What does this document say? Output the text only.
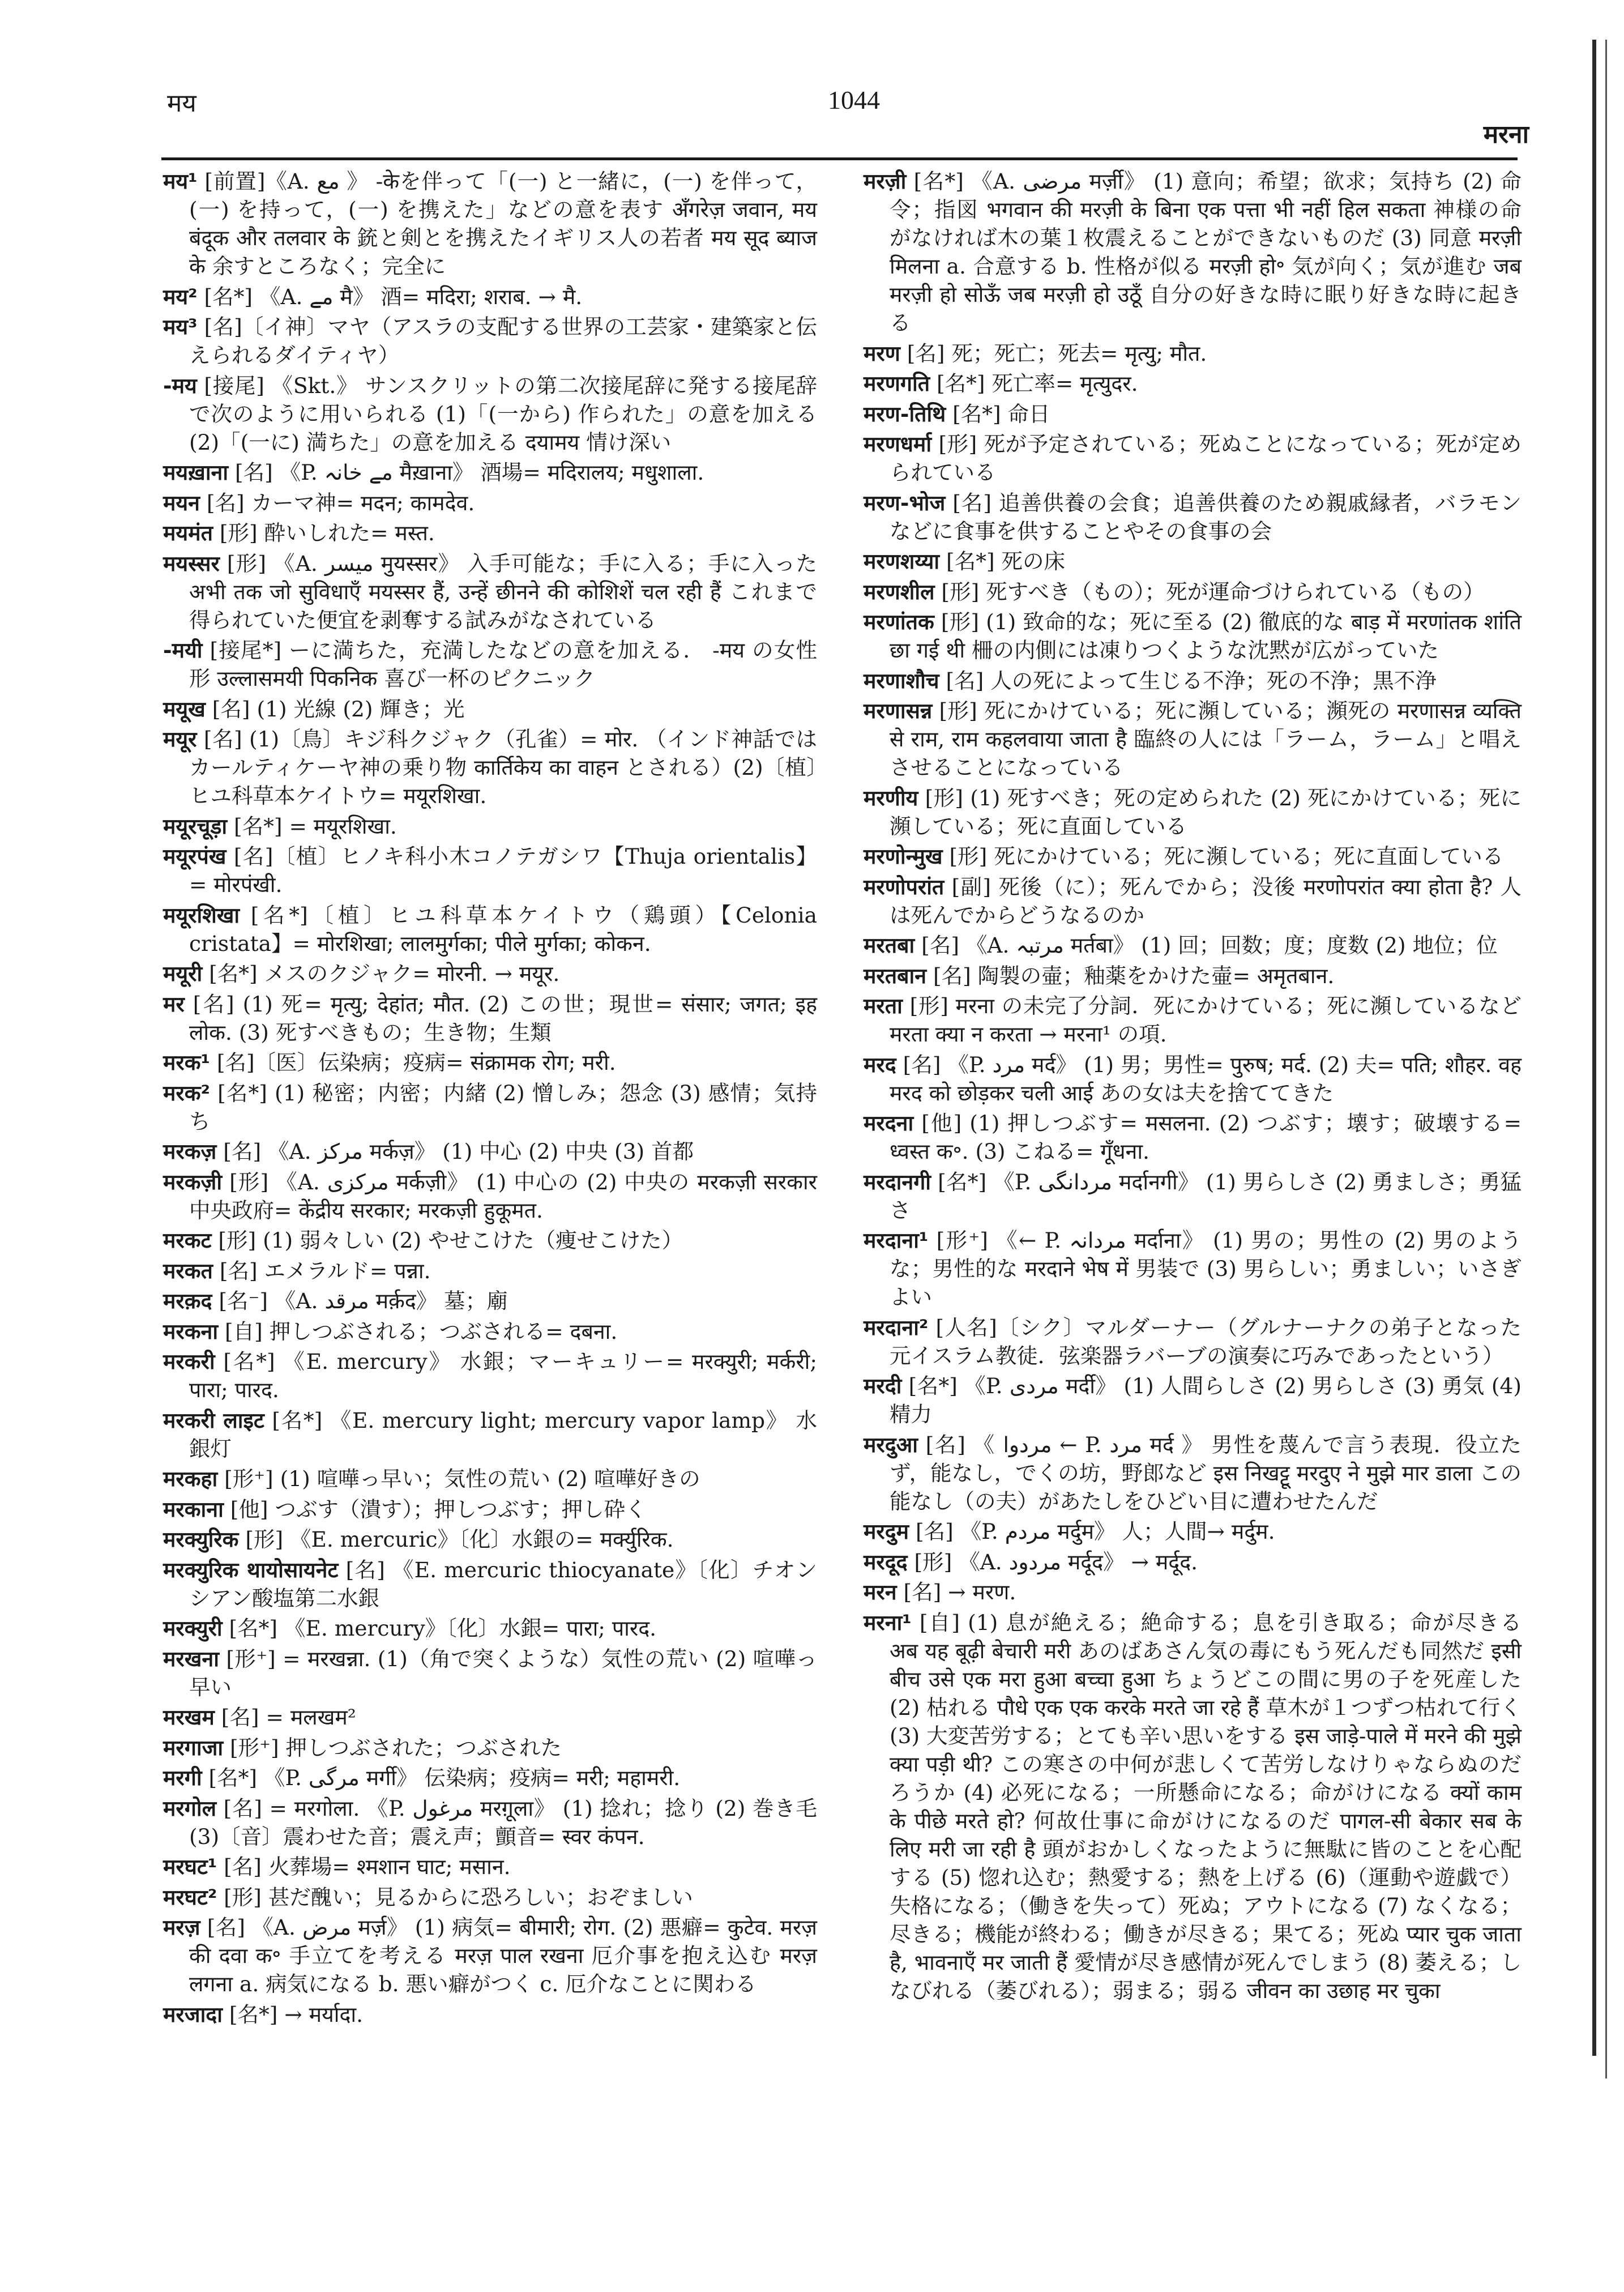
मय	1044
मरना
मय¹ [前置]《A. مع 》 -केを伴って「(一) と一緒に，(一) を伴って，(一) を持って，(一) を携えた」などの意を表す अँगरेज़ जवान, मय बंदूक और तलवार के 銃と剣とを携えたイギリス人の若者 मय सूद ब्याज के 余すところなく；完全に
मय² [名*] 《A. مے मै》 酒= मदिरा; शराब. → मै.
मय³ [名]〔イ神〕マヤ（アスラの支配する世界の工芸家・建築家と伝えられるダイティヤ）
-मय [接尾] 《Skt.》 サンスクリットの第二次接尾辞に発する接尾辞で次のように用いられる (1)「(一から) 作られた」の意を加える (2)「(一に) 満ちた」の意を加える दयामय 情け深い
मयख़ाना [名] 《P. مے خانہ मैख़ाना》 酒場= मदिरालय; मधुशाला.
मयन [名] カーマ神= मदन; कामदेव.
मयमंत [形] 酔いしれた= मस्त.
मयस्सर [形] 《A. میسر मुयस्सर》 入手可能な；手に入る；手に入った अभी तक जो सुविधाएँ मयस्सर हैं, उन्हें छीनने की कोशिशें चल रही हैं これまで得られていた便宜を剥奪する試みがなされている
-मयी [接尾*] ーに満ちた，充満したなどの意を加える． -मय の女性形 उल्लासमयी पिकनिक 喜び一杯のピクニック
मयूख [名] (1) 光線 (2) 輝き；光
मयूर [名] (1)〔鳥〕キジ科クジャク（孔雀）= मोर. （インド神話ではカールティケーヤ神の乗り物 कार्तिकेय का वाहन とされる）(2)〔植〕ヒユ科草本ケイトウ= मयूरशिखा.
मयूरचूड़ा [名*] = मयूरशिखा.
मयूरपंख [名]〔植〕ヒノキ科小木コノテガシワ【Thuja orientalis】= मोरपंखी.
मयूरशिखा [名*]〔植〕ヒユ科草本ケイトウ（鶏頭）【Celonia cristata】= मोरशिखा; लालमुर्गका; पीले मुर्गका; कोकन.
मयूरी [名*] メスのクジャク= मोरनी. → मयूर.
मर [名] (1) 死= मृत्यु; देहांत; मौत. (2) この世；現世= संसार; जगत; इह लोक. (3) 死すべきもの；生き物；生類
मरक¹ [名]〔医〕伝染病；疫病= संक्रामक रोग; मरी.
मरक² [名*] (1) 秘密；内密；内緒 (2) 憎しみ；怨念 (3) 感情；気持ち
मरकज़ [名] 《A. مرکز मर्कज़》 (1) 中心 (2) 中央 (3) 首都
मरकज़ी [形] 《A. مرکزی मर्कज़ी》 (1) 中心の (2) 中央の मरकज़ी सरकार 中央政府= केंद्रीय सरकार; मरकज़ी हुकूमत.
मरकट [形] (1) 弱々しい (2) やせこけた（痩せこけた）
मरकत [名] エメラルド= पन्ना.
मरक़द [名⁻] 《A. مرقد मर्क़द》 墓；廟
मरकना [自] 押しつぶされる；つぶされる= दबना.
मरकरी [名*] 《E. mercury》 水銀；マーキュリー= मरक्युरी; मर्करी; पारा; पारद.
मरकरी लाइट [名*] 《E. mercury light; mercury vapor lamp》 水銀灯
मरकहा [形⁺] (1) 喧嘩っ早い；気性の荒い (2) 喧嘩好きの
मरकाना [他] つぶす（潰す）；押しつぶす；押し砕く
मरक्युरिक [形] 《E. mercuric》〔化〕水銀の= मर्क्युरिक.
मरक्युरिक थायोसायनेट [名] 《E. mercuric thiocyanate》〔化〕チオンシアン酸塩第二水銀
मरक्युरी [名*] 《E. mercury》〔化〕水銀= पारा; पारद.
मरखना [形⁺] = मरखन्ना. (1)（角で突くような）気性の荒い (2) 喧嘩っ早い
मरखम [名] = मलखम²
मरगाजा [形⁺] 押しつぶされた；つぶされた
मरगी [名*] 《P. مرگی मर्गी》 伝染病；疫病= मरी; महामरी.
मरगोल [名] = मरगोला. 《P. مرغول मरग़ूला》 (1) 捻れ；捻り (2) 巻き毛 (3)〔音〕震わせた音；震え声；顫音= स्वर कंपन.
मरघट¹ [名] 火葬場= श्मशान घाट; मसान.
मरघट² [形] 甚だ醜い；見るからに恐ろしい；おぞましい
मरज़ [名] 《A. مرض मर्ज़》 (1) 病気= बीमारी; रोग. (2) 悪癖= कुटेव. मरज़ की दवा क॰ 手立てを考える मरज़ पाल रखना 厄介事を抱え込む मरज़ लगना a. 病気になる b. 悪い癖がつく c. 厄介なことに関わる
मरजादा [名*] → मर्यादा.
मरज़ी [名*] 《A. مرضی मर्ज़ी》 (1) 意向；希望；欲求；気持ち (2) 命令；指図 भगवान की मरज़ी के बिना एक पत्ता भी नहीं हिल सकता 神様の命がなければ木の葉１枚震えることができないものだ (3) 同意 मरज़ी मिलना a. 合意する b. 性格が似る मरज़ी हो॰ 気が向く；気が進む जब मरज़ी हो सोऊँ जब मरज़ी हो उठूँ 自分の好きな時に眠り好きな時に起きる
मरण [名] 死；死亡；死去= मृत्यु; मौत.
मरणगति [名*] 死亡率= मृत्युदर.
मरण-तिथि [名*] 命日
मरणधर्मा [形] 死が予定されている；死ぬことになっている；死が定められている
मरण-भोज [名] 追善供養の会食；追善供養のため親戚縁者，バラモンなどに食事を供することやその食事の会
मरणशय्या [名*] 死の床
मरणशील [形] 死すべき（もの）；死が運命づけられている（もの）
मरणांतक [形] (1) 致命的な；死に至る (2) 徹底的な बाड़ में मरणांतक शांति छा गई थी 柵の内側には凍りつくような沈黙が広がっていた
मरणाशौच [名] 人の死によって生じる不浄；死の不浄；黒不浄
मरणासन्न [形] 死にかけている；死に瀕している；瀕死の मरणासन्न व्यक्ति से राम, राम कहलवाया जाता है 臨終の人には「ラーム，ラーム」と唱えさせることになっている
मरणीय [形] (1) 死すべき；死の定められた (2) 死にかけている；死に瀕している；死に直面している
मरणोन्मुख [形] 死にかけている；死に瀕している；死に直面している
मरणोपरांत [副] 死後（に）；死んでから；没後 मरणोपरांत क्या होता है? 人は死んでからどうなるのか
मरतबा [名] 《A. مرتبہ मर्तबा》 (1) 回；回数；度；度数 (2) 地位；位
मरतबान [名] 陶製の壷；釉薬をかけた壷= अमृतबान.
मरता [形] मरना の未完了分詞．死にかけている；死に瀕しているなど मरता क्या न करता → मरना¹ の項.
मरद [名] 《P. مرد मर्द》 (1) 男；男性= पुरुष; मर्द. (2) 夫= पति; शौहर. वह मरद को छोड़कर चली आई あの女は夫を捨ててきた
मरदना [他] (1) 押しつぶす= मसलना. (2) つぶす；壊す；破壊する= ध्वस्त क॰. (3) こねる= गूँधना.
मरदानगी [名*] 《P. مردانگی मर्दानगी》 (1) 男らしさ (2) 勇ましさ；勇猛さ
मरदाना¹ [形⁺] 《← P. مردانہ मर्दाना》 (1) 男の；男性の (2) 男のような；男性的な मरदाने भेष में 男装で (3) 男らしい；勇ましい；いさぎよい
मरदाना² [人名]〔シク〕マルダーナー（グルナーナクの弟子となった元イスラム教徒．弦楽器ラバーブの演奏に巧みであったという）
मरदी [名*] 《P. مردی मर्दी》 (1) 人間らしさ (2) 男らしさ (3) 勇気 (4) 精力
मरदुआ [名] 《 مردوا ← P. مرد मर्द 》 男性を蔑んで言う表現．役立たず，能なし，でくの坊，野郎など इस निखट्टू मरदुए ने मुझे मार डाला この能なし（の夫）があたしをひどい目に遭わせたんだ
मरदुम [名] 《P. مردم मर्दुम》 人；人間→ मर्दुम.
मरदूद [形] 《A. مردود मर्दूद》 → मर्दूद.
मरन [名] → मरण.
मरना¹ [自] (1) 息が絶える；絶命する；息を引き取る；命が尽きる अब यह बूढ़ी बेचारी मरी あのばあさん気の毒にもう死んだも同然だ इसी बीच उसे एक मरा हुआ बच्चा हुआ ちょうどこの間に男の子を死産した (2) 枯れる पौधे एक एक करके मरते जा रहे हैं 草木が１つずつ枯れて行く (3) 大変苦労する；とても辛い思いをする इस जाड़े-पाले में मरने की मुझे क्या पड़ी थी? この寒さの中何が悲しくて苦労しなけりゃならぬのだろうか (4) 必死になる；一所懸命になる；命がけになる क्यों काम के पीछे मरते हो? 何故仕事に命がけになるのだ पागल-सी बेकार सब के लिए मरी जा रही है 頭がおかしくなったように無駄に皆のことを心配する (5) 惚れ込む；熱愛する；熱を上げる (6)（運動や遊戯で）失格になる；（働きを失って）死ぬ；アウトになる (7) なくなる；尽きる；機能が終わる；働きが尽きる；果てる；死ぬ प्यार चुक जाता है, भावनाएँ मर जाती हैं 愛情が尽き感情が死んでしまう (8) 萎える；しなびれる（萎びれる）；弱まる；弱る जीवन का उछाह मर चुका
